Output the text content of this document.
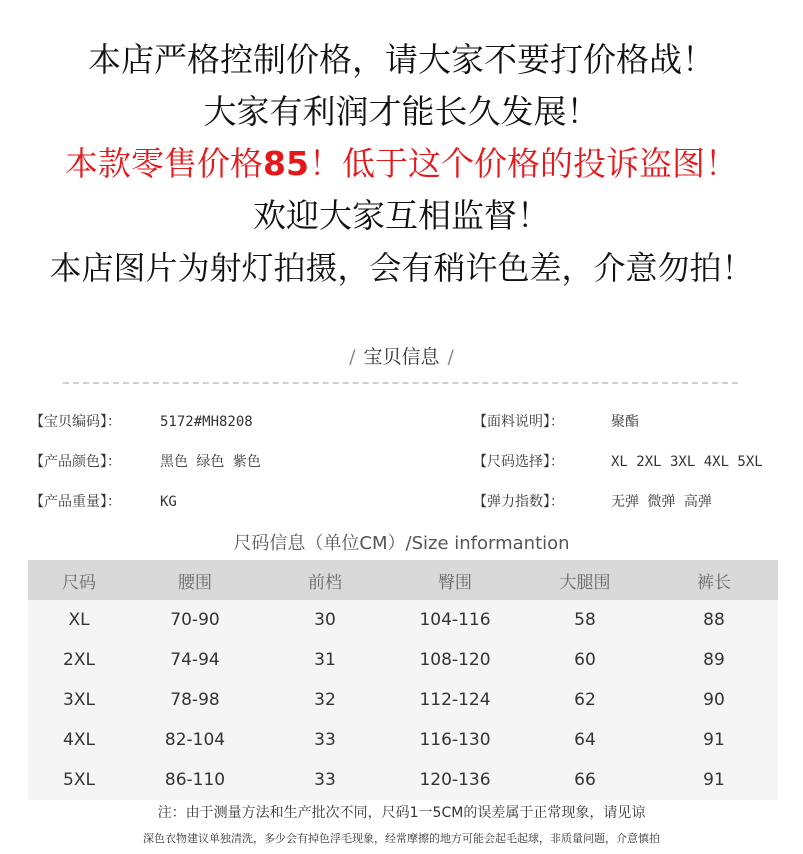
本店严格控制价格，请大家不要打价格战！
大家有利润才能长久发展！
本款零售价格85！低于这个价格的投诉盗图！
欢迎大家互相监督！
本店图片为射灯拍摄，会有稍许色差，介意勿拍！
/ 宝贝信息 /
【宝贝编码】：	5172#MH8208
【产品颜色】：	黑色 绿色 紫色
【产品重量】：	KG
【面料说明】：	聚酯
【尺码选择】：	XL 2XL 3XL 4XL 5XL
【弹力指数】：	无弹 微弹 高弹
尺码信息（单位CM）/Size informantion
尺码	腰围	前档	臀围	大腿围	裤长
XL	70-90	30	104-116	58	88
2XL	74-94	31	108-120	60	89
3XL	78-98	32	112-124	62	90
4XL	82-104	33	116-130	64	91
5XL	86-110	33	120-136	66	91
注：由于测量方法和生产批次不同，尺码1一5CM的误差属于正常现象，请见谅
深色衣物建议单独清洗，多少会有掉色浮毛现象，经常摩擦的地方可能会起毛起球，非质量问题，介意慎拍
